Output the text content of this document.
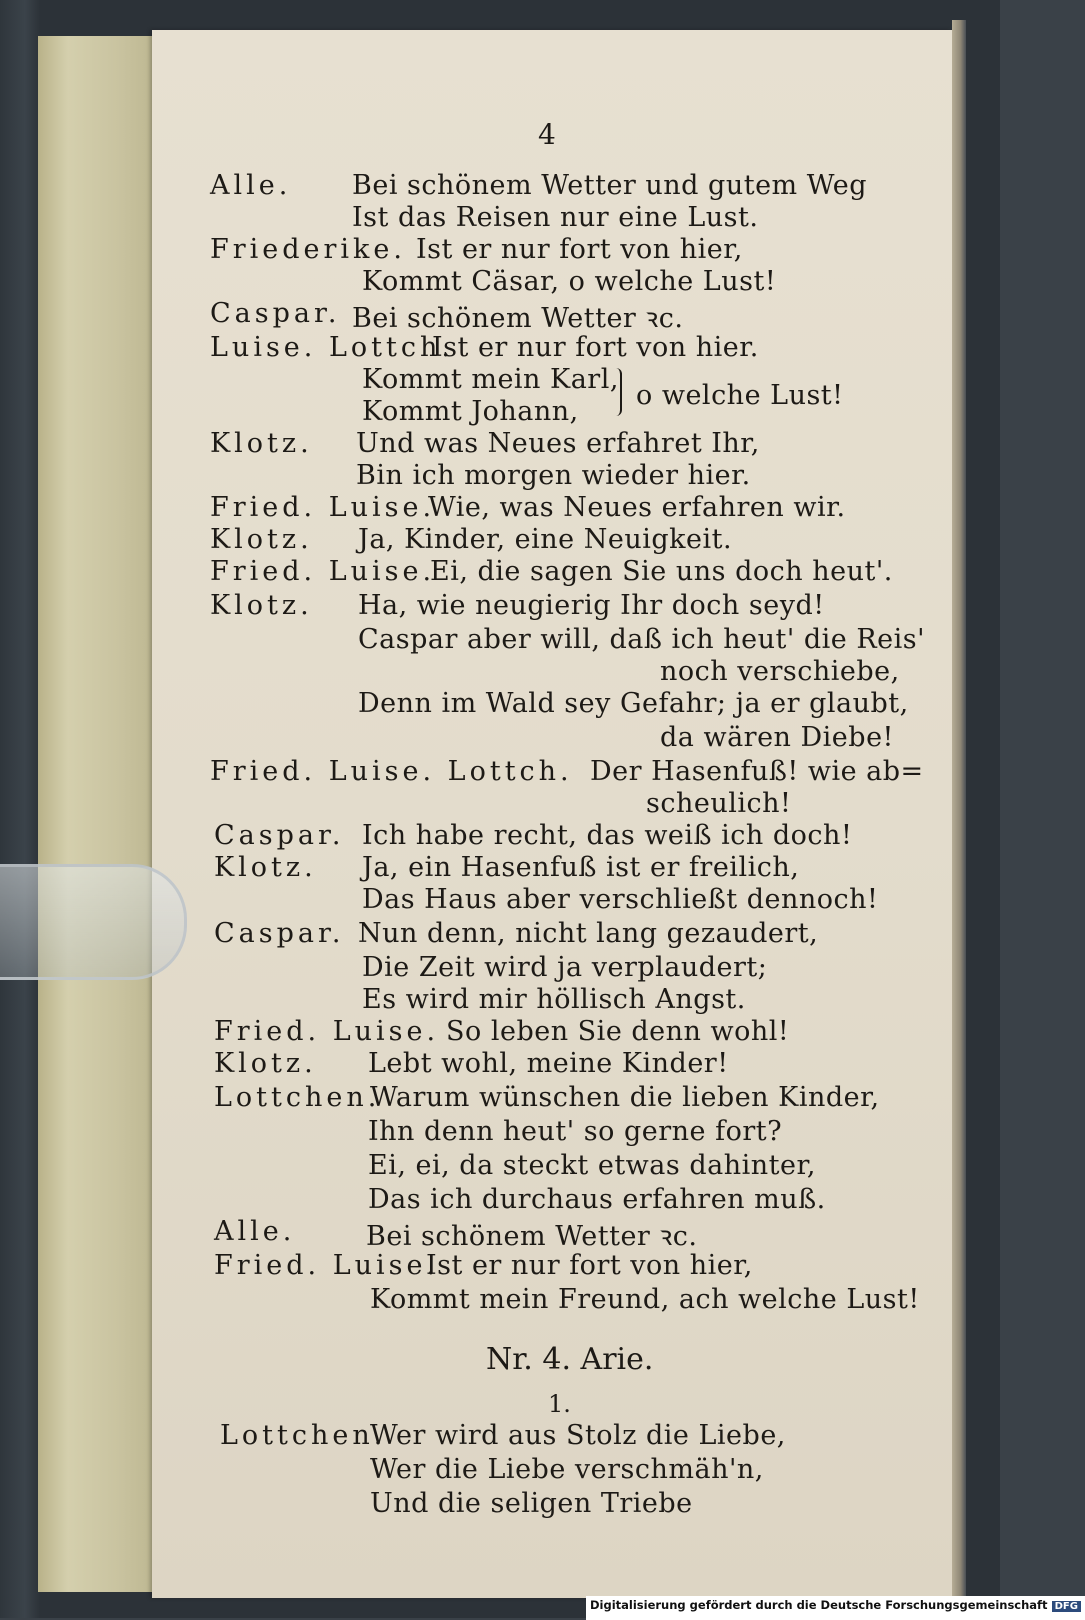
4
Alle. Bei schönem Wetter und gutem Weg
Ist das Reisen nur eine Lust.
Friederike. Ist er nur fort von hier,
Kommt Cäsar, o welche Lust!
Caspar. Bei schönem Wetter ꝛc.
Luise. Lottch.
Ist er nur fort von hier.
Kommt mein Karl,
Kommt Johann,
o welche Lust!
Klotz. Und was Neues erfahret Ihr,
Bin ich morgen wieder hier.
Fried. Luise.
Wie, was Neues erfahren wir.
Klotz. Ja, Kinder, eine Neuigkeit.
Fried. Luise.
Ei, die sagen Sie uns doch heut'.
Klotz. Ha, wie neugierig Ihr doch seyd!
Caspar aber will, daß ich heut' die Reis'
noch verschiebe,
Denn im Wald sey Gefahr; ja er glaubt,
da wären Diebe!
Fried. Luise. Lottch. Der Hasenfuß! wie ab=
scheulich!
Caspar. Ich habe recht, das weiß ich doch!
Klotz. Ja, ein Hasenfuß ist er freilich,
Das Haus aber verschließt dennoch!
Caspar. Nun denn, nicht lang gezaudert,
Die Zeit wird ja verplaudert;
Es wird mir höllisch Angst.
Fried. Luise. So leben Sie denn wohl!
Klotz. Lebt wohl, meine Kinder!
Lottchen.
Warum wünschen die lieben Kinder,
Ihn denn heut' so gerne fort?
Ei, ei, da steckt etwas dahinter,
Das ich durchaus erfahren muß.
Alle.	Bei schönem Wetter ꝛc.
Fried. Luise.
Ist er nur fort von hier,
Kommt mein Freund, ach welche Lust!
Nr. 4. Arie.
1.
Lottchen.
Wer wird aus Stolz die Liebe,
Wer die Liebe verschmäh'n,
Und die seligen Triebe
Digitalisierung gefördert durch die Deutsche Forschungsgemeinschaft DFG
